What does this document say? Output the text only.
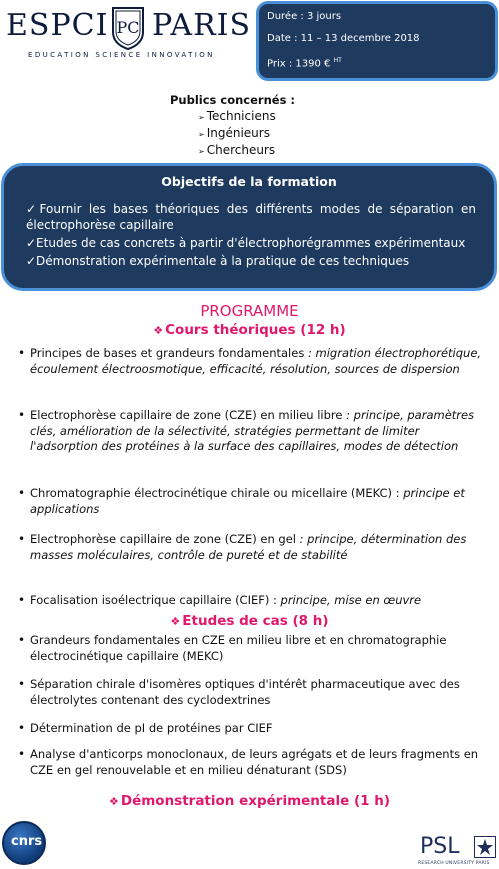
ESPCI PC PARIS
EDUCATION SCIENCE INNOVATION
Durée : 3 jours
Date : 11 – 13 decembre 2018
Prix : 1390 € $^{HT}$
Publics concernés :
➢ Techniciens
➢ Ingénieurs
➢ Chercheurs
Objectifs de la formation
✓Fournir les bases théoriques des différents modes de séparation en électrophorèse capillaire
✓Etudes de cas concrets à partir d'électrophorégrammes expérimentaux
✓Démonstration expérimentale à la pratique de ces techniques
PROGRAMME
❖ Cours théoriques (12 h)
• Principes de bases et grandeurs fondamentales : migration électrophorétique, écoulement électroosmotique, efficacité, résolution, sources de dispersion
• Electrophorèse capillaire de zone (CZE) en milieu libre : principe, paramètres clés, amélioration de la sélectivité, stratégies permettant de limiter l'adsorption des protéines à la surface des capillaires, modes de détection
• Chromatographie électrocinétique chirale ou micellaire (MEKC) : principe et applications
• Electrophorèse capillaire de zone (CZE) en gel : principe, détermination des masses moléculaires, contrôle de pureté et de stabilité
• Focalisation isoélectrique capillaire (CIEF) : principe, mise en œuvre
❖ Etudes de cas (8 h)
• Grandeurs fondamentales en CZE en milieu libre et en chromatographie électrocinétique capillaire (MEKC)
• Séparation chirale d'isomères optiques d'intérêt pharmaceutique avec des électrolytes contenant des cyclodextrines
• Détermination de pI de protéines par CIEF
• Analyse d'anticorps monoclonaux, de leurs agrégats et de leurs fragments en CZE en gel renouvelable et en milieu dénaturant (SDS)
❖ Démonstration expérimentale (1 h)
cnrs	PSL
RESEARCH UNIVERSITY PARIS
